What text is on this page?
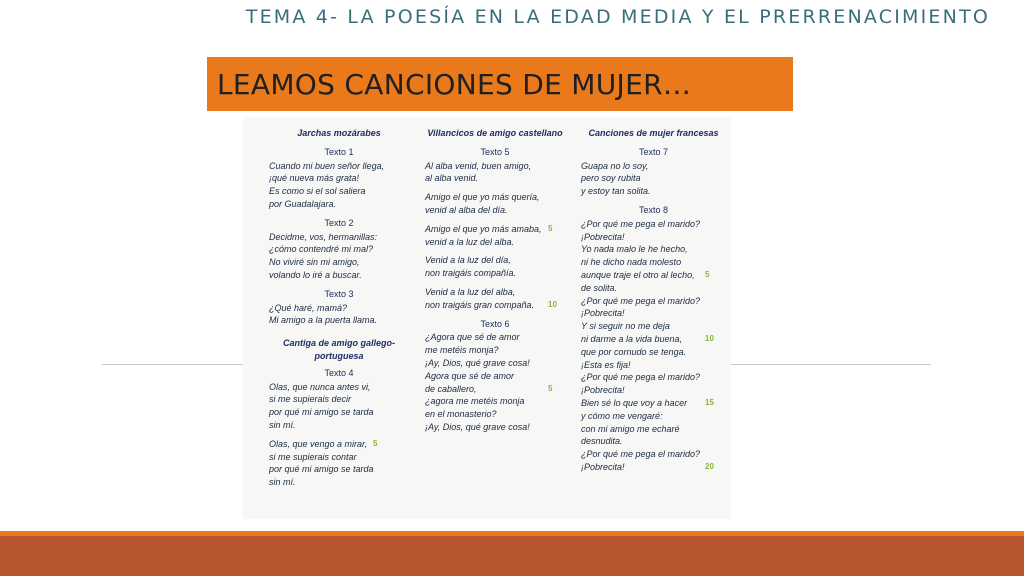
TEMA 4- LA POESÍA EN LA EDAD MEDIA Y EL PRERRENACIMIENTO
LEAMOS CANCIONES DE MUJER…
Jarchas mozárabes
Texto 1
Cuando mi buen señor llega,
¡qué nueva más grata!
Es como si el sol saliera
por Guadalajara.
Texto 2
Decidme, vos, hermanillas:
¿cómo contendré mi mal?
No viviré sin mi amigo,
volando lo iré a buscar.
Texto 3
¿Qué haré, mamá?
Mi amigo a la puerta llama.
Cantiga de amigo gallego-portuguesa
Texto 4
Olas, que nunca antes vi,
si me supierais decir
por qué mi amigo se tarda
sin mí.
Olas, que vengo a mirar, 5
si me supierais contar
por qué mi amigo se tarda
sin mí.
Villancicos de amigo castellano
Texto 5
Al alba venid, buen amigo,
al alba venid.
Amigo el que yo más quería,
venid al alba del día.
Amigo el que yo más amaba, 5
venid a la luz del alba.
Venid a la luz del día,
non traigáis compañía.
Venid a la luz del alba,
non traigáis gran compaña. 10
Texto 6
¿Agora que sé de amor
me metéis monja?
¡Ay, Dios, qué grave cosa!
Agora que sé de amor
de caballero,	5
¿agora me metéis monja
en el monasterio?
¡Ay, Dios, qué grave cosa!
Canciones de mujer francesas
Texto 7
Guapa no lo soy,
pero soy rubita
y estoy tan solita.
Texto 8
¿Por qué me pega el marido?
¡Pobrecita!
Yo nada malo le he hecho,
ni he dicho nada molesto
aunque traje el otro al lecho, 5
de solita.
¿Por qué me pega el marido?
¡Pobrecita!
Y si seguir no me deja
ni darme a la vida buena,	10
que por cornudo se tenga.
¡Esta es fija!
¿Por qué me pega el marido?
¡Pobrecita!
Bien sé lo que voy a hacer 15
y cómo me vengaré:
con mi amigo me echaré
desnudita.
¿Por qué me pega el marido?
¡Pobrecita!	20
